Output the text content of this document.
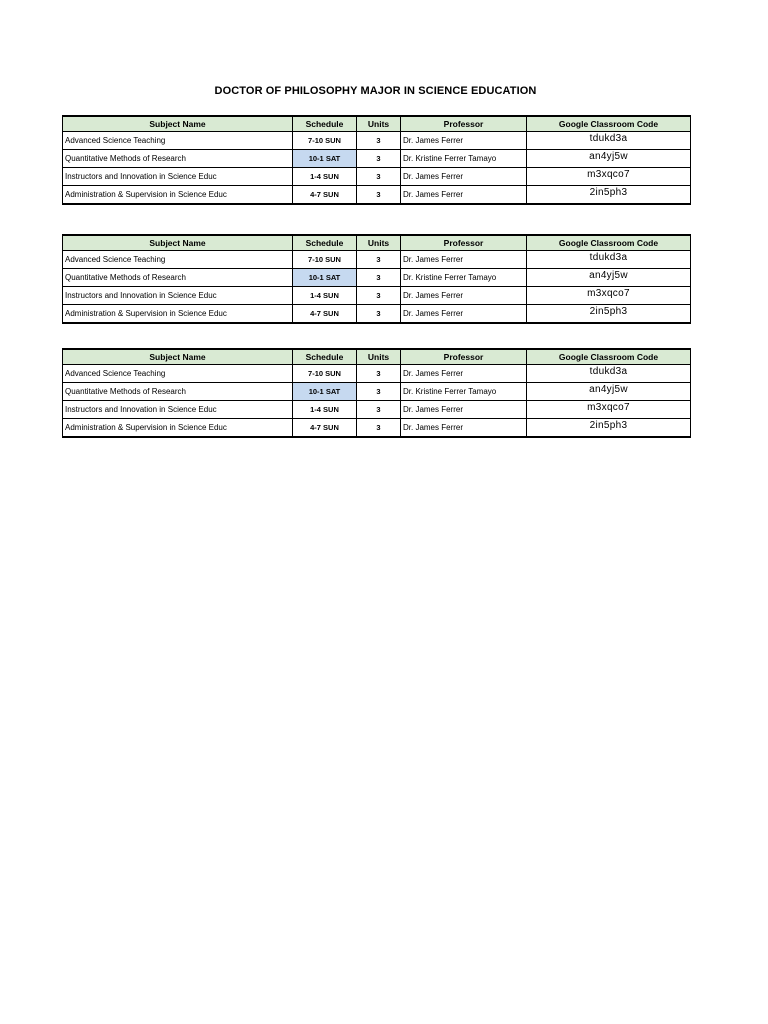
DOCTOR OF PHILOSOPHY MAJOR IN SCIENCE EDUCATION
Subject Name	Schedule	Units	Professor	Google Classroom Code
Advanced Science Teaching	7-10 SUN	3	Dr. James Ferrer	tdukd3a
Quantitative Methods of Research	10-1 SAT	3	Dr. Kristine Ferrer Tamayo	an4yj5w
Instructors and Innovation in Science Educ	1-4 SUN	3	Dr. James Ferrer	m3xqco7
Administration & Supervision in Science Educ	4-7 SUN	3	Dr. James Ferrer	2in5ph3
Subject Name	Schedule	Units	Professor	Google Classroom Code
Advanced Science Teaching	7-10 SUN	3	Dr. James Ferrer	tdukd3a
Quantitative Methods of Research	10-1 SAT	3	Dr. Kristine Ferrer Tamayo	an4yj5w
Instructors and Innovation in Science Educ	1-4 SUN	3	Dr. James Ferrer	m3xqco7
Administration & Supervision in Science Educ	4-7 SUN	3	Dr. James Ferrer	2in5ph3
Subject Name	Schedule	Units	Professor	Google Classroom Code
Advanced Science Teaching	7-10 SUN	3	Dr. James Ferrer	tdukd3a
Quantitative Methods of Research	10-1 SAT	3	Dr. Kristine Ferrer Tamayo	an4yj5w
Instructors and Innovation in Science Educ	1-4 SUN	3	Dr. James Ferrer	m3xqco7
Administration & Supervision in Science Educ	4-7 SUN	3	Dr. James Ferrer	2in5ph3
